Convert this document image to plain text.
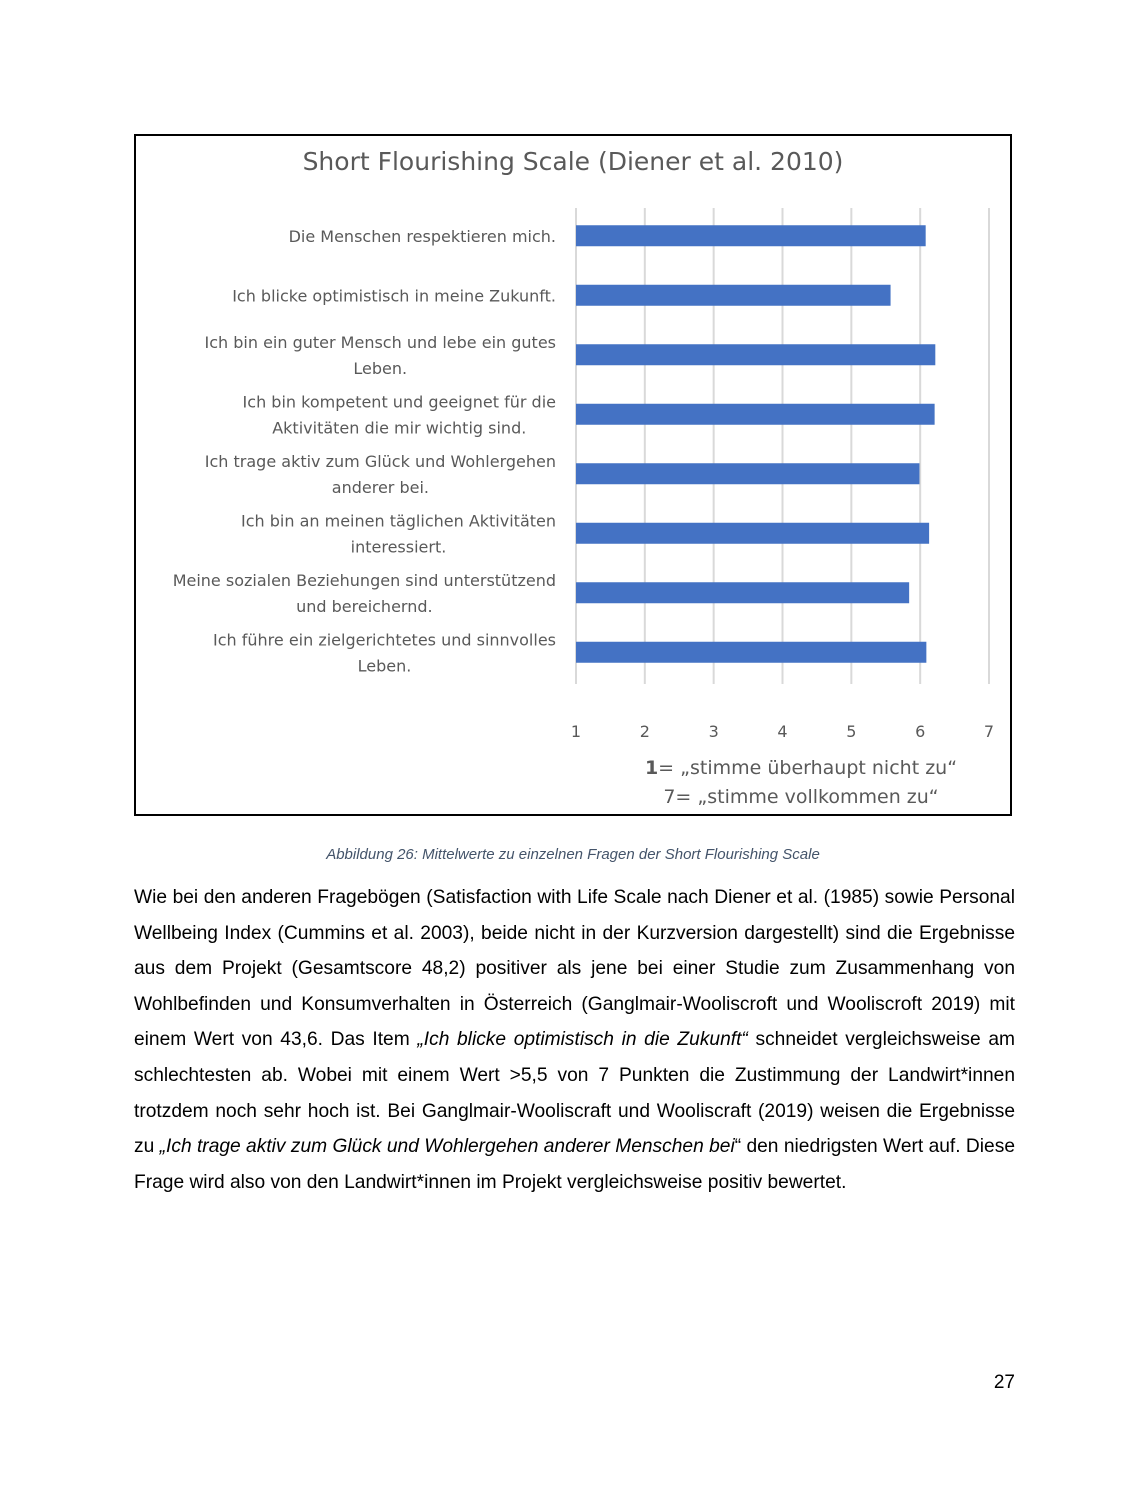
Short Flourishing Scale (Diener et al. 2010)
1	2	3	4	5	6	7
Die Menschen respektieren mich.
Ich blicke optimistisch in meine Zukunft.
Ich bin ein guter Mensch und lebe ein gutes Leben.
Ich bin kompetent und geeignet für die Aktivitäten die mir wichtig sind.
Ich trage aktiv zum Glück und Wohlergehen anderer bei.
Ich bin an meinen täglichen Aktivitäten interessiert.
Meine sozialen Beziehungen sind unterstützend und bereichernd.
Ich führe ein zielgerichtetes und sinnvolles Leben.
1= „stimme überhaupt nicht zu“
7= „stimme vollkommen zu“
Abbildung 26: Mittelwerte zu einzelnen Fragen der Short Flourishing Scale
Wie bei den anderen Fragebögen (Satisfaction with Life Scale nach Diener et al. (1985) sowie Personal Wellbeing Index (Cummins et al. 2003), beide nicht in der Kurzversion dargestellt) sind die Ergebnisse aus dem Projekt (Gesamtscore 48,2) positiver als jene bei einer Studie zum Zusammenhang von Wohlbefinden und Konsumverhalten in Österreich (Ganglmair-Wooliscroft und Wooliscroft 2019) mit einem Wert von 43,6. Das Item „Ich blicke optimistisch in die Zukunft“ schneidet vergleichsweise am schlechtesten ab. Wobei mit einem Wert >5,5 von 7 Punkten die Zustimmung der Landwirt*innen trotzdem noch sehr hoch ist. Bei Ganglmair-Wooliscraft und Wooliscraft (2019) weisen die Ergebnisse zu „Ich trage aktiv zum Glück und Wohlergehen anderer Menschen bei“ den niedrigsten Wert auf. Diese Frage wird also von den Landwirt*innen im Projekt vergleichsweise positiv bewertet.
27
